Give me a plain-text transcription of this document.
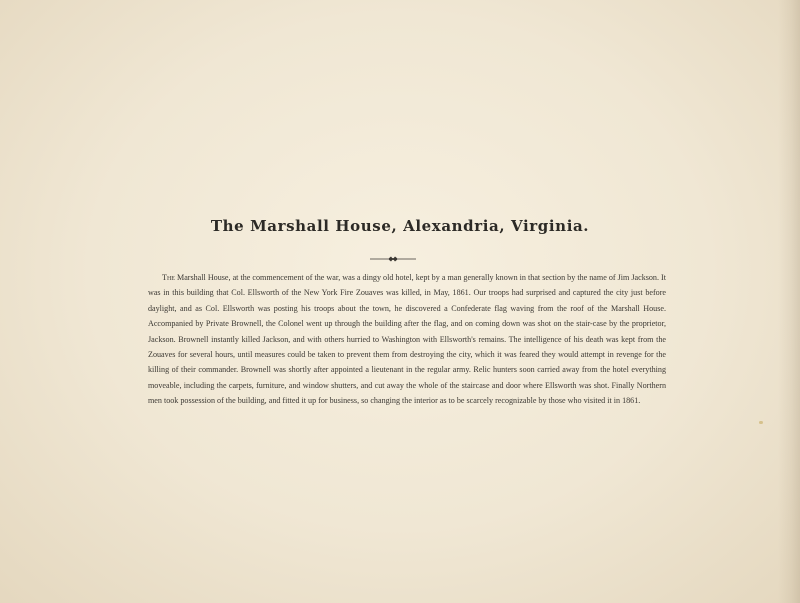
The Marshall House, Alexandria, Virginia.

The Marshall House, at the commencement of the war, was a dingy old hotel, kept by a man generally known in that section by the name of Jim Jackson. It was in this building that Col. Ellsworth of the New York Fire Zouaves was killed, in May, 1861. Our troops had surprised and captured the city just before daylight, and as Col. Ellsworth was posting his troops about the town, he discovered a Confederate flag waving from the roof of the Marshall House. Accompanied by Private Brownell, the Colonel went up through the building after the flag, and on coming down was shot on the stair-case by the proprietor, Jackson. Brownell instantly killed Jackson, and with others hurried to Washington with Ellsworth's remains. The intelligence of his death was kept from the Zouaves for several hours, until measures could be taken to prevent them from destroying the city, which it was feared they would attempt in revenge for the killing of their commander. Brownell was shortly after appointed a lieutenant in the regular army. Relic hunters soon carried away from the hotel everything moveable, including the carpets, furniture, and window shutters, and cut away the whole of the staircase and door where Ellsworth was shot. Finally Northern men took possession of the building, and fitted it up for business, so changing the interior as to be scarcely recognizable by those who visited it in 1861.
